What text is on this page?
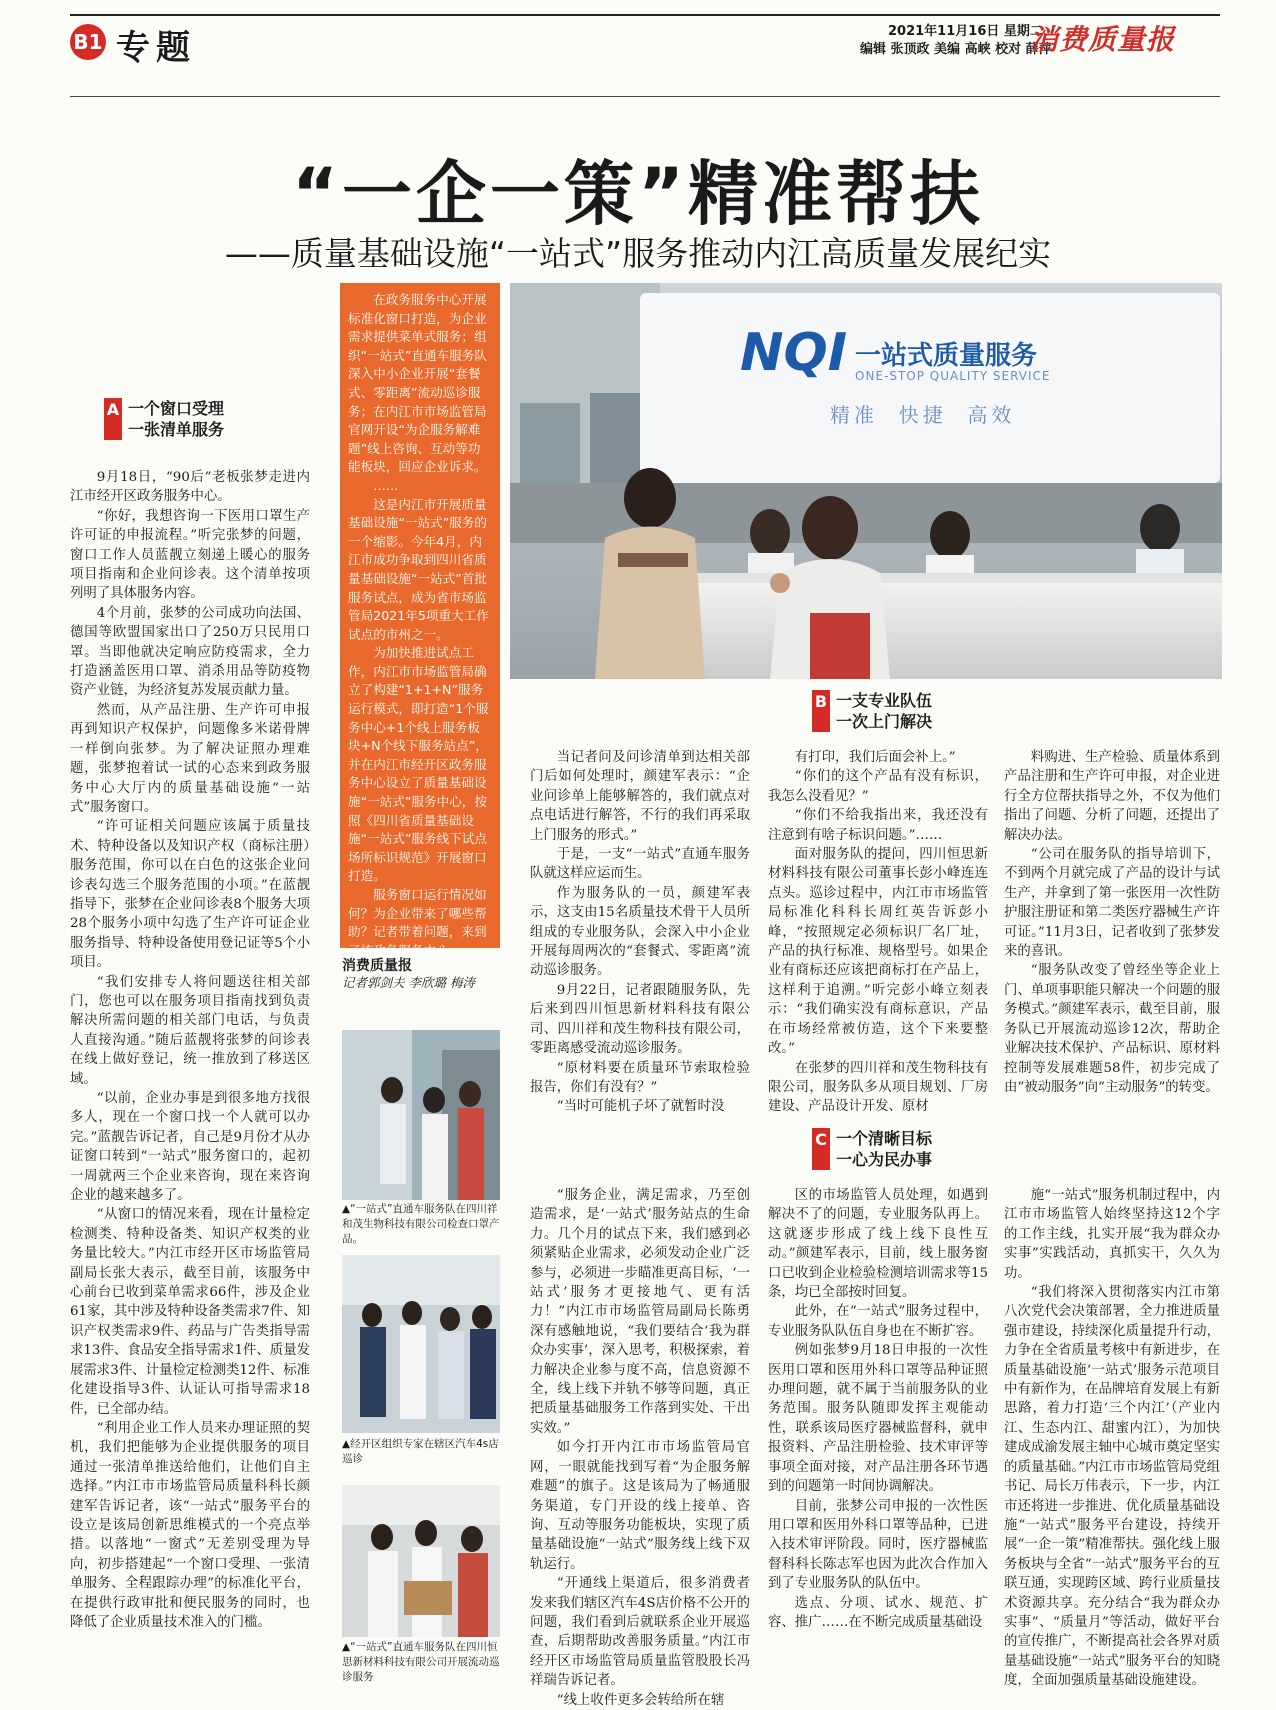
B1 专题	2021年11月16日 星期二
编辑 张顶政 美编 高峡 校对 薛萍
消费质量报
“一企一策”精准帮扶
——质量基础设施“一站式”服务推动内江高质量发展纪实
NQI 一站式质量服务
ONE-STOP QUALITY SERVICE
精准  快捷  高效

在政务服务中心开展标准化窗口打造，为企业需求提供菜单式服务；组织“一站式”直通车服务队深入中小企业开展“套餐式、零距离”流动巡诊服务；在内江市市场监管局官网开设“为企服务解难题”线上咨询、互动等功能板块，回应企业诉求。

……

这是内江市开展质量基础设施“一站式”服务的一个缩影。今年4月，内江市成功争取到四川省质量基础设施“一站式”首批服务试点，成为省市场监管局2021年5项重大工作试点的市州之一。

为加快推进试点工作，内江市市场监管局确立了构建“1+1+N”服务运行模式，即打造“1个服务中心+1个线上服务板块+N个线下服务站点”，并在内江市经开区政务服务中心设立了质量基础设施“一站式”服务中心，按照《四川省质量基础设施“一站式”服务线下试点场所标识规范》开展窗口打造。

服务窗口运行情况如何？为企业带来了哪些帮助？记者带着问题，来到了该政务服务中心。

消费质量报
记者郭剑夫 李欣璐 梅涛
A 一个窗口受理
一张清单服务

9月18日，“90后”老板张梦走进内江市经开区政务服务中心。

“你好，我想咨询一下医用口罩生产许可证的申报流程。”听完张梦的问题，窗口工作人员蓝靓立刻递上暖心的服务项目指南和企业问诊表。这个清单按项列明了具体服务内容。

4个月前，张梦的公司成功向法国、德国等欧盟国家出口了250万只民用口罩。当即他就决定响应防疫需求，全力打造涵盖医用口罩、消杀用品等防疫物资产业链，为经济复苏发展贡献力量。

然而，从产品注册、生产许可申报再到知识产权保护，问题像多米诺骨牌一样倒向张梦。为了解决证照办理难题，张梦抱着试一试的心态来到政务服务中心大厅内的质量基础设施“一站式”服务窗口。

“许可证相关问题应该属于质量技术、特种设备以及知识产权（商标注册）服务范围，你可以在白色的这张企业问诊表勾选三个服务范围的小项。”在蓝靓指导下，张梦在企业问诊表8个服务大项28个服务小项中勾选了生产许可证企业服务指导、特种设备使用登记证等5个小项目。

“我们安排专人将问题送往相关部门，您也可以在服务项目指南找到负责解决所需问题的相关部门电话，与负责人直接沟通。”随后蓝靓将张梦的问诊表在线上做好登记，统一推放到了移送区域。

“以前，企业办事是到很多地方找很多人，现在一个窗口找一个人就可以办完。”蓝靓告诉记者，自己是9月份才从办证窗口转到“一站式”服务窗口的，起初一周就两三个企业来咨询，现在来咨询企业的越来越多了。

“从窗口的情况来看，现在计量检定检测类、特种设备类、知识产权类的业务量比较大。”内江市经开区市场监管局副局长张大表示，截至目前，该服务中心前台已收到菜单需求66件，涉及企业61家，其中涉及特种设备类需求7件、知识产权类需求9件、药品与广告类指导需求13件、食品安全指导需求1件、质量发展需求3件、计量检定检测类12件、标准化建设指导3件、认证认可指导需求18件，已全部办结。

“利用企业工作人员来办理证照的契机，我们把能够为企业提供服务的项目通过一张清单推送给他们，让他们自主选择。”内江市市场监管局质量科科长颜建军告诉记者，该“一站式”服务平台的设立是该局创新思维模式的一个亮点举措。以落地“一窗式”无差别受理为导向，初步搭建起“一个窗口受理、一张清单服务、全程跟踪办理”的标准化平台，在提供行政审批和便民服务的同时，也降低了企业质量技术准入的门槛。

▲“一站式”直通车服务队在四川祥和茂生物科技有限公司检查口罩产品。
▲经开区组织专家在辖区汽车4s店巡诊
▲“一站式”直通车服务队在四川恒思新材料科技有限公司开展流动巡诊服务
B 一支专业队伍
一次上门解决

当记者问及问诊清单到达相关部门后如何处理时，颜建军表示：“企业问诊单上能够解答的，我们就点对点电话进行解答，不行的我们再采取上门服务的形式。”

于是，一支“一站式”直通车服务队就这样应运而生。

作为服务队的一员，颜建军表示，这支由15名质量技术骨干人员所组成的专业服务队，会深入中小企业开展每周两次的“套餐式、零距离”流动巡诊服务。

9月22日，记者跟随服务队，先后来到四川恒思新材料科技有限公司、四川祥和茂生物科技有限公司，零距离感受流动巡诊服务。

“原材料要在质量环节索取检验报告，你们有没有？”

“当时可能机子坏了就暂时没

有打印，我们后面会补上。”

“你们的这个产品有没有标识，我怎么没看见？”

“你们不给我指出来，我还没有注意到有啥子标识问题。”……

面对服务队的提问，四川恒思新材料科技有限公司董事长彭小峰连连点头。巡诊过程中，内江市市场监管局标准化科科长周红英告诉彭小峰，“按照规定必须标识厂名厂址，产品的执行标准、规格型号。如果企业有商标还应该把商标打在产品上，这样利于追溯。”听完彭小峰立刻表示：“我们确实没有商标意识，产品在市场经常被仿造，这个下来要整改。”

在张梦的四川祥和茂生物科技有限公司，服务队多从项目规划、厂房建设、产品设计开发、原材

料购进、生产检验、质量体系到产品注册和生产许可申报，对企业进行全方位帮扶指导之外，不仅为他们指出了问题、分析了问题，还提出了解决办法。

“公司在服务队的指导培训下，不到两个月就完成了产品的设计与试生产，并拿到了第一张医用一次性防护服注册证和第二类医疗器械生产许可证。”11月3日，记者收到了张梦发来的喜讯。

“服务队改变了曾经坐等企业上门、单项事职能只解决一个问题的服务模式。”颜建军表示，截至目前，服务队已开展流动巡诊12次，帮助企业解决技术保护、产品标识、原材料控制等发展难题58件，初步完成了由“被动服务”向“主动服务”的转变。

C 一个清晰目标
一心为民办事

“服务企业，满足需求，乃至创造需求，是‘一站式’服务站点的生命力。几个月的试点下来，我们感到必须紧贴企业需求，必须发动企业广泛参与，必须进一步瞄准更高目标，‘一站式’服务才更接地气、更有活力！”内江市市场监管局副局长陈勇深有感触地说，“我们要结合‘我为群众办实事’，深入思考，积极探索，着力解决企业参与度不高，信息资源不全，线上线下并轨不够等问题，真正把质量基础服务工作落到实处、干出实效。”

如今打开内江市市场监管局官网，一眼就能找到写着“为企服务解难题”的旗子。这是该局为了畅通服务渠道，专门开设的线上接单、咨询、互动等服务功能板块，实现了质量基础设施“一站式”服务线上线下双轨运行。

“开通线上渠道后，很多消费者发来我们辖区汽车4S店价格不公开的问题，我们看到后就联系企业开展巡查，后期帮助改善服务质量。”内江市经开区市场监管局质量监管股股长冯祥瑞告诉记者。

“线上收件更多会转给所在辖

区的市场监管人员处理，如遇到解决不了的问题，专业服务队再上。这就逐步形成了线上线下良性互动。”颜建军表示，目前，线上服务窗口已收到企业检验检测培训需求等15条，均已全部按时回复。

此外，在“一站式”服务过程中，专业服务队队伍自身也在不断扩容。

例如张梦9月18日申报的一次性医用口罩和医用外科口罩等品种证照办理问题，就不属于当前服务队的业务范围。服务队随即发挥主观能动性，联系该局医疗器械监督科，就申报资料、产品注册检验、技术审评等事项全面对接，对产品注册各环节遇到的问题第一时间协调解决。

目前，张梦公司申报的一次性医用口罩和医用外科口罩等品种，已进入技术审评阶段。同时，医疗器械监督科科长陈志军也因为此次合作加入到了专业服务队的队伍中。

选点、分项、试水、规范、扩容、推广……在不断完成质量基础设

施“一站式”服务机制过程中，内江市市场监管人始终坚持这12个字的工作主线，扎实开展“我为群众办实事”实践活动，真抓实干，久久为功。

“我们将深入贯彻落实内江市第八次党代会决策部署，全力推进质量强市建设，持续深化质量提升行动，力争在全省质量考核中有新进步，在质量基础设施‘一站式’服务示范项目中有新作为，在品牌培育发展上有新思路，着力打造‘三个内江’（产业内江、生态内江、甜蜜内江），为加快建成成渝发展主轴中心城市奠定坚实的质量基础。”内江市市场监管局党组书记、局长万伟表示，下一步，内江市还将进一步推进、优化质量基础设施“一站式”服务平台建设，持续开展“一企一策”精准帮扶。强化线上服务板块与全省“一站式”服务平台的互联互通，实现跨区域、跨行业质量技术资源共享。充分结合“我为群众办实事”、“质量月”等活动，做好平台的宣传推广，不断提高社会各界对质量基础设施“一站式”服务平台的知晓度，全面加强质量基础设施建设。
